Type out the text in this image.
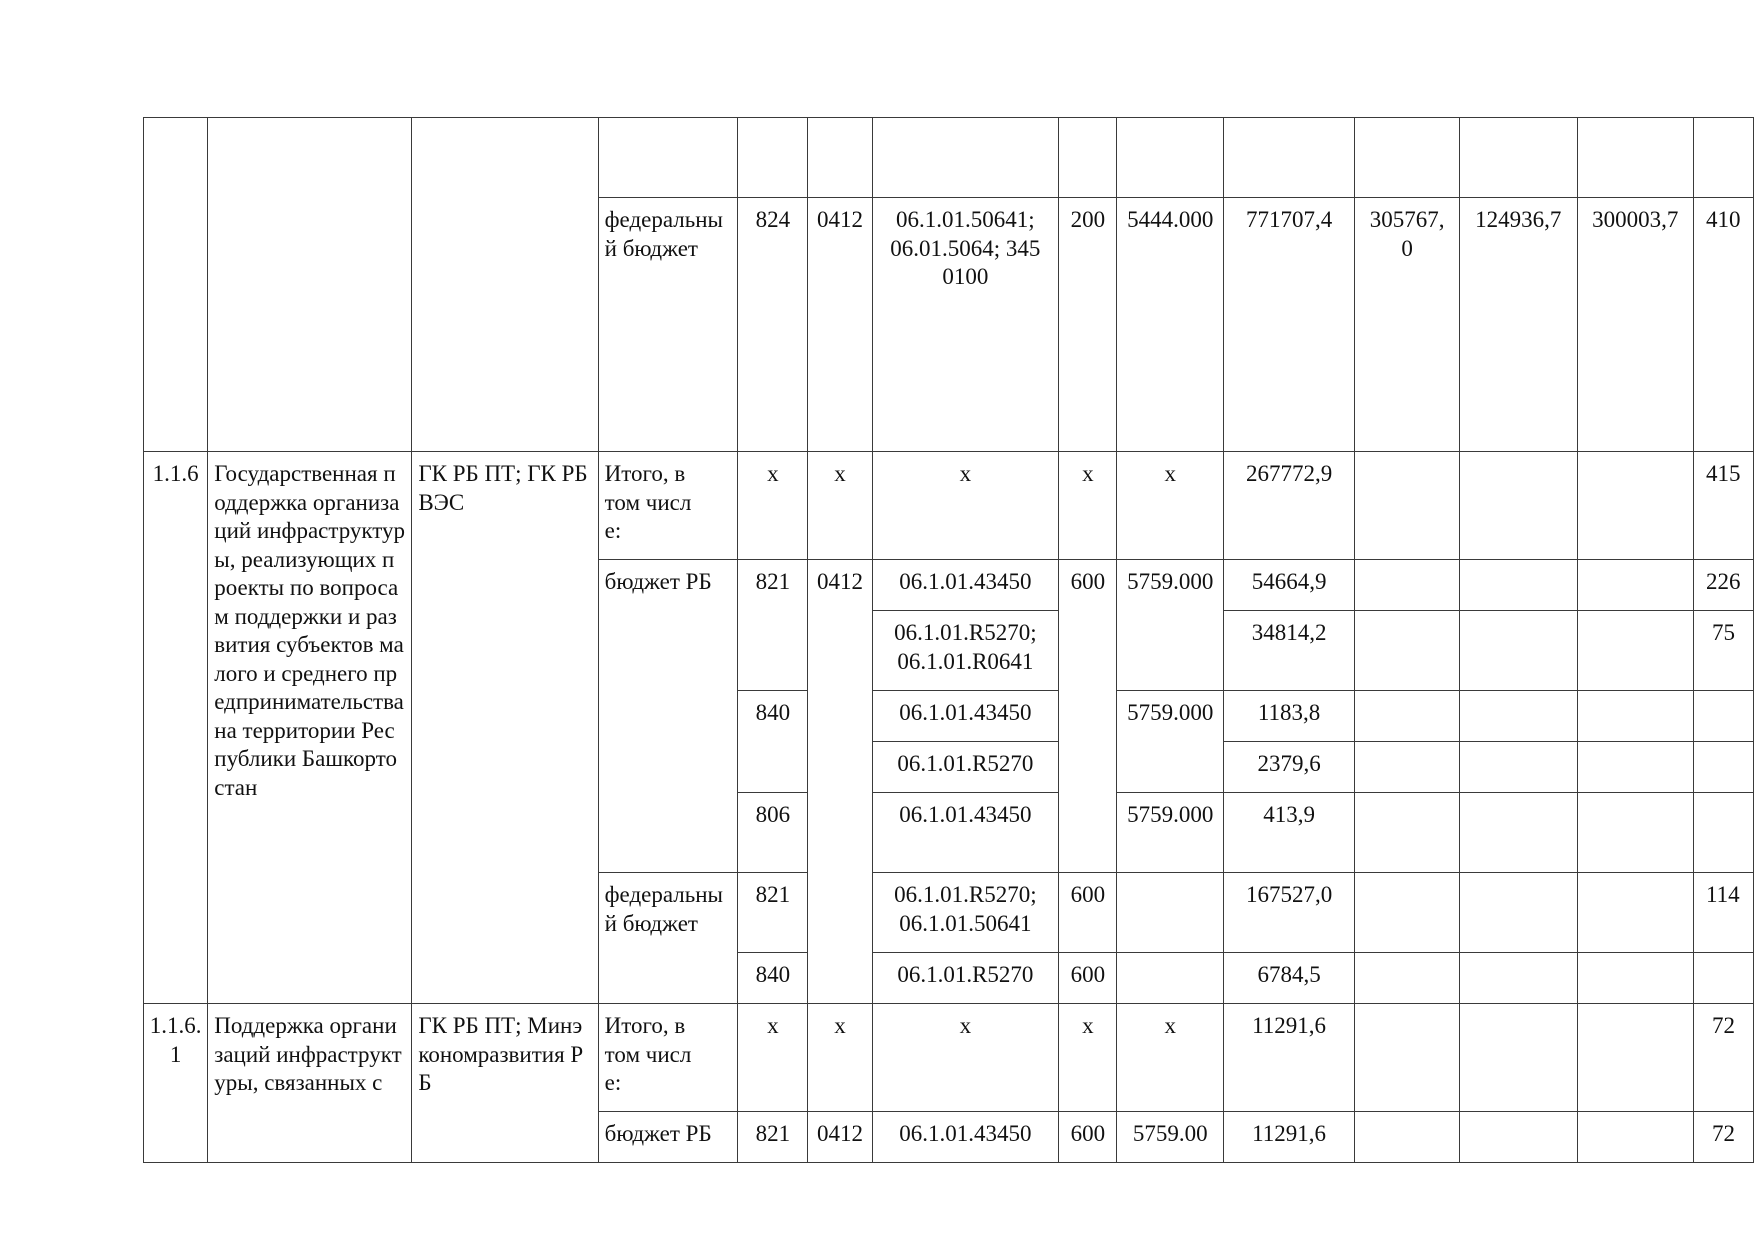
			федеральный бюджет	824	0412	06.1.01.50641; 06.01.5064; 3450100	200	5444.000	771707,4	305767,0	124936,7	300003,7	410
1.1.6	Государственная поддержка организаций инфраструктуры, реализующих проекты по вопросам поддержки и развития субъектов малого и среднего предпринимательства на территории Республики Башкортостан	ГК РБ ПТ; ГК РБ ВЭС	Итого, в том числе:	x	x	x	x	x	267772,9				415
			бюджет РБ	821	0412	06.1.01.43450	600	5759.000	54664,9				226
						06.1.01.R5270; 06.1.01.R0641			34814,2				75
				840		06.1.01.43450		5759.000	1183,8				
						06.1.01.R5270			2379,6				
				806		06.1.01.43450		5759.000	413,9				
			федеральный бюджет	821		06.1.01.R5270; 06.1.01.50641	600		167527,0				114
				840		06.1.01.R5270	600		6784,5				
1.1.6.1	Поддержка организаций инфраструктуры, связанных с	ГК РБ ПТ; Минэкономразвития РБ	Итого, в том числе:	x	x	x	x	x	11291,6				72
			бюджет РБ	821	0412	06.1.01.43450	600	5759.00	11291,6				72
